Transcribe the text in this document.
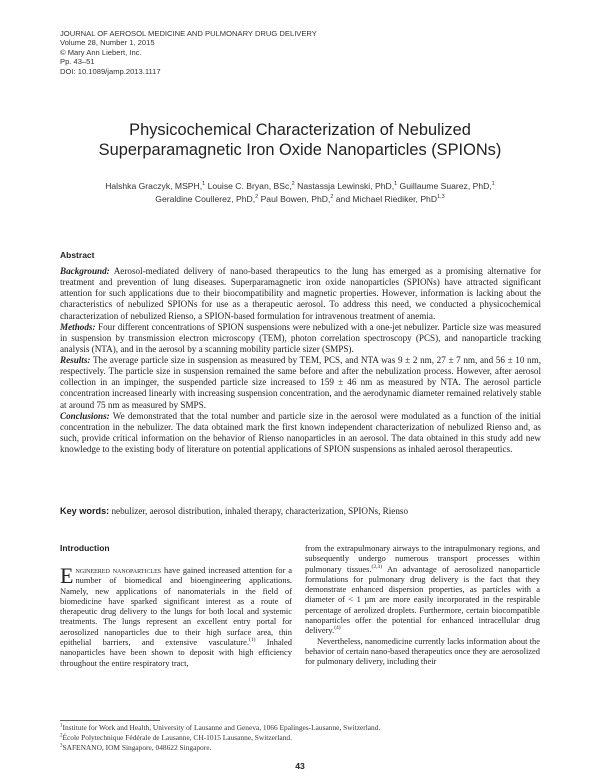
JOURNAL OF AEROSOL MEDICINE AND PULMONARY DRUG DELIVERY
Volume 28, Number 1, 2015
© Mary Ann Liebert, Inc.
Pp. 43–51
DOI: 10.1089/jamp.2013.1117
Physicochemical Characterization of Nebulized
Superparamagnetic Iron Oxide Nanoparticles (SPIONs)
Halshka Graczyk, MSPH,$^1$ Louise C. Bryan, BSc,$^2$ Nastassja Lewinski, PhD,$^1$ Guillaume Suarez, PhD,$^1$
Geraldine Coullerez, PhD,$^2$ Paul Bowen, PhD,$^2$ and Michael Riediker, PhD$^{1,3}$
Abstract

Background: Aerosol-mediated delivery of nano-based therapeutics to the lung has emerged as a promising alternative for treatment and prevention of lung diseases. Superparamagnetic iron oxide nanoparticles (SPIONs) have attracted significant attention for such applications due to their biocompatibility and magnetic properties. However, information is lacking about the characteristics of nebulized SPIONs for use as a therapeutic aerosol. To address this need, we conducted a physicochemical characterization of nebulized Rienso, a SPION-based formulation for intravenous treatment of anemia.

Methods: Four different concentrations of SPION suspensions were nebulized with a one-jet nebulizer. Particle size was measured in suspension by transmission electron microscopy (TEM), photon correlation spectroscopy (PCS), and nanoparticle tracking analysis (NTA), and in the aerosol by a scanning mobility particle sizer (SMPS).

Results: The average particle size in suspension as measured by TEM, PCS, and NTA was 9 ± 2 nm, 27 ± 7 nm, and 56 ± 10 nm, respectively. The particle size in suspension remained the same before and after the nebulization process. However, after aerosol collection in an impinger, the suspended particle size increased to 159 ± 46 nm as measured by NTA. The aerosol particle concentration increased linearly with increasing suspension concentration, and the aerodynamic diameter remained relatively stable at around 75 nm as measured by SMPS.

Conclusions: We demonstrated that the total number and particle size in the aerosol were modulated as a function of the initial concentration in the nebulizer. The data obtained mark the first known independent characterization of nebulized Rienso and, as such, provide critical information on the behavior of Rienso nanoparticles in an aerosol. The data obtained in this study add new knowledge to the existing body of literature on potential applications of SPION suspensions as inhaled aerosol therapeutics.

Key words: nebulizer, aerosol distribution, inhaled therapy, characterization, SPIONs, Rienso
Introduction

Engineered nanoparticles have gained increased attention for a number of biomedical and bioengineering applications. Namely, new applications of nanomaterials in the field of biomedicine have sparked significant interest as a route of therapeutic drug delivery to the lungs for both local and systemic treatments. The lungs represent an excellent entry portal for aerosolized nanoparticles due to their high surface area, thin epithelial barriers, and extensive vasculature.$^{(1)}$ Inhaled nanoparticles have been shown to deposit with high efficiency throughout the entire respiratory tract,

from the extrapulmonary airways to the intrapulmonary regions, and subsequently undergo numerous transport processes within pulmonary tissues.$^{(2,3)}$ An advantage of aerosolized nanoparticle formulations for pulmonary drug delivery is the fact that they demonstrate enhanced dispersion properties, as particles with a diameter of < 1 µm are more easily incorporated in the respirable percentage of aerolized droplets. Furthermore, certain biocompatible nanoparticles offer the potential for enhanced intracellular drug delivery.$^{(4)}$

Nevertheless, nanomedicine currently lacks information about the behavior of certain nano-based therapeutics once they are aerosolized for pulmonary delivery, including their

$^1$Institute for Work and Health, University of Lausanne and Geneva, 1066 Epalinges-Lausanne, Switzerland.
$^2$École Polytechnique Fédérale de Lausanne, CH-1015 Lausanne, Switzerland.
$^3$SAFENANO, IOM Singapore, 048622 Singapore.
43
